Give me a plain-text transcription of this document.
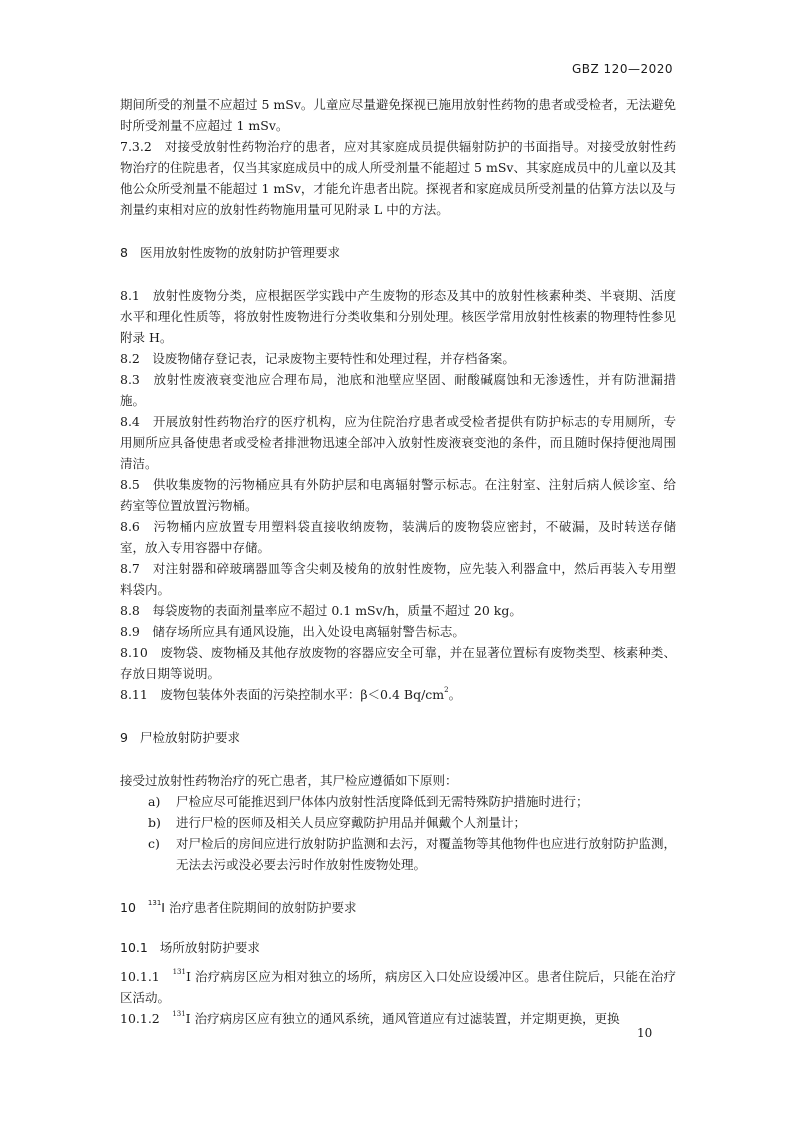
GBZ 120—2020

期间所受的剂量不应超过 5 mSv。儿童应尽量避免探视已施用放射性药物的患者或受检者，无法避免时所受剂量不应超过 1 mSv。

7.3.2　对接受放射性药物治疗的患者，应对其家庭成员提供辐射防护的书面指导。对接受放射性药物治疗的住院患者，仅当其家庭成员中的成人所受剂量不能超过 5 mSv、其家庭成员中的儿童以及其他公众所受剂量不能超过 1 mSv，才能允许患者出院。探视者和家庭成员所受剂量的估算方法以及与剂量约束相对应的放射性药物施用量可见附录 L 中的方法。

8 医用放射性废物的放射防护管理要求

8.1　放射性废物分类，应根据医学实践中产生废物的形态及其中的放射性核素种类、半衰期、活度水平和理化性质等，将放射性废物进行分类收集和分别处理。核医学常用放射性核素的物理特性参见附录 H。

8.2　设废物储存登记表，记录废物主要特性和处理过程，并存档备案。

8.3　放射性废液衰变池应合理布局，池底和池壁应坚固、耐酸碱腐蚀和无渗透性，并有防泄漏措施。

8.4　开展放射性药物治疗的医疗机构，应为住院治疗患者或受检者提供有防护标志的专用厕所，专用厕所应具备使患者或受检者排泄物迅速全部冲入放射性废液衰变池的条件，而且随时保持便池周围清洁。

8.5　供收集废物的污物桶应具有外防护层和电离辐射警示标志。在注射室、注射后病人候诊室、给药室等位置放置污物桶。

8.6　污物桶内应放置专用塑料袋直接收纳废物，装满后的废物袋应密封，不破漏，及时转送存储室，放入专用容器中存储。

8.7　对注射器和碎玻璃器皿等含尖刺及棱角的放射性废物，应先装入利器盒中，然后再装入专用塑料袋内。

8.8　每袋废物的表面剂量率应不超过 0.1 mSv/h，质量不超过 20 kg。

8.9　储存场所应具有通风设施，出入处设电离辐射警告标志。

8.10　废物袋、废物桶及其他存放废物的容器应安全可靠，并在显著位置标有废物类型、核素种类、存放日期等说明。

8.11　废物包装体外表面的污染控制水平：β＜0.4 $Bq/cm^2$。

9 尸检放射防护要求

接受过放射性药物治疗的死亡患者，其尸检应遵循如下原则：

a)	尸检应尽可能推迟到尸体体内放射性活度降低到无需特殊防护措施时进行；
b)	进行尸检的医师及相关人员应穿戴防护用品并佩戴个人剂量计；
c)	对尸检后的房间应进行放射防护监测和去污，对覆盖物等其他物件也应进行放射防护监测，无法去污或没必要去污时作放射性废物处理。

10 $^{131}$I 治疗患者住院期间的放射防护要求

10.1 场所放射防护要求

10.1.1　 $^{131}$I 治疗病房区应为相对独立的场所，病房区入口处应设缓冲区。患者住院后，只能在治疗区活动。

10.1.2　 $^{131}$I 治疗病房区应有独立的通风系统，通风管道应有过滤装置，并定期更换，更换

10
